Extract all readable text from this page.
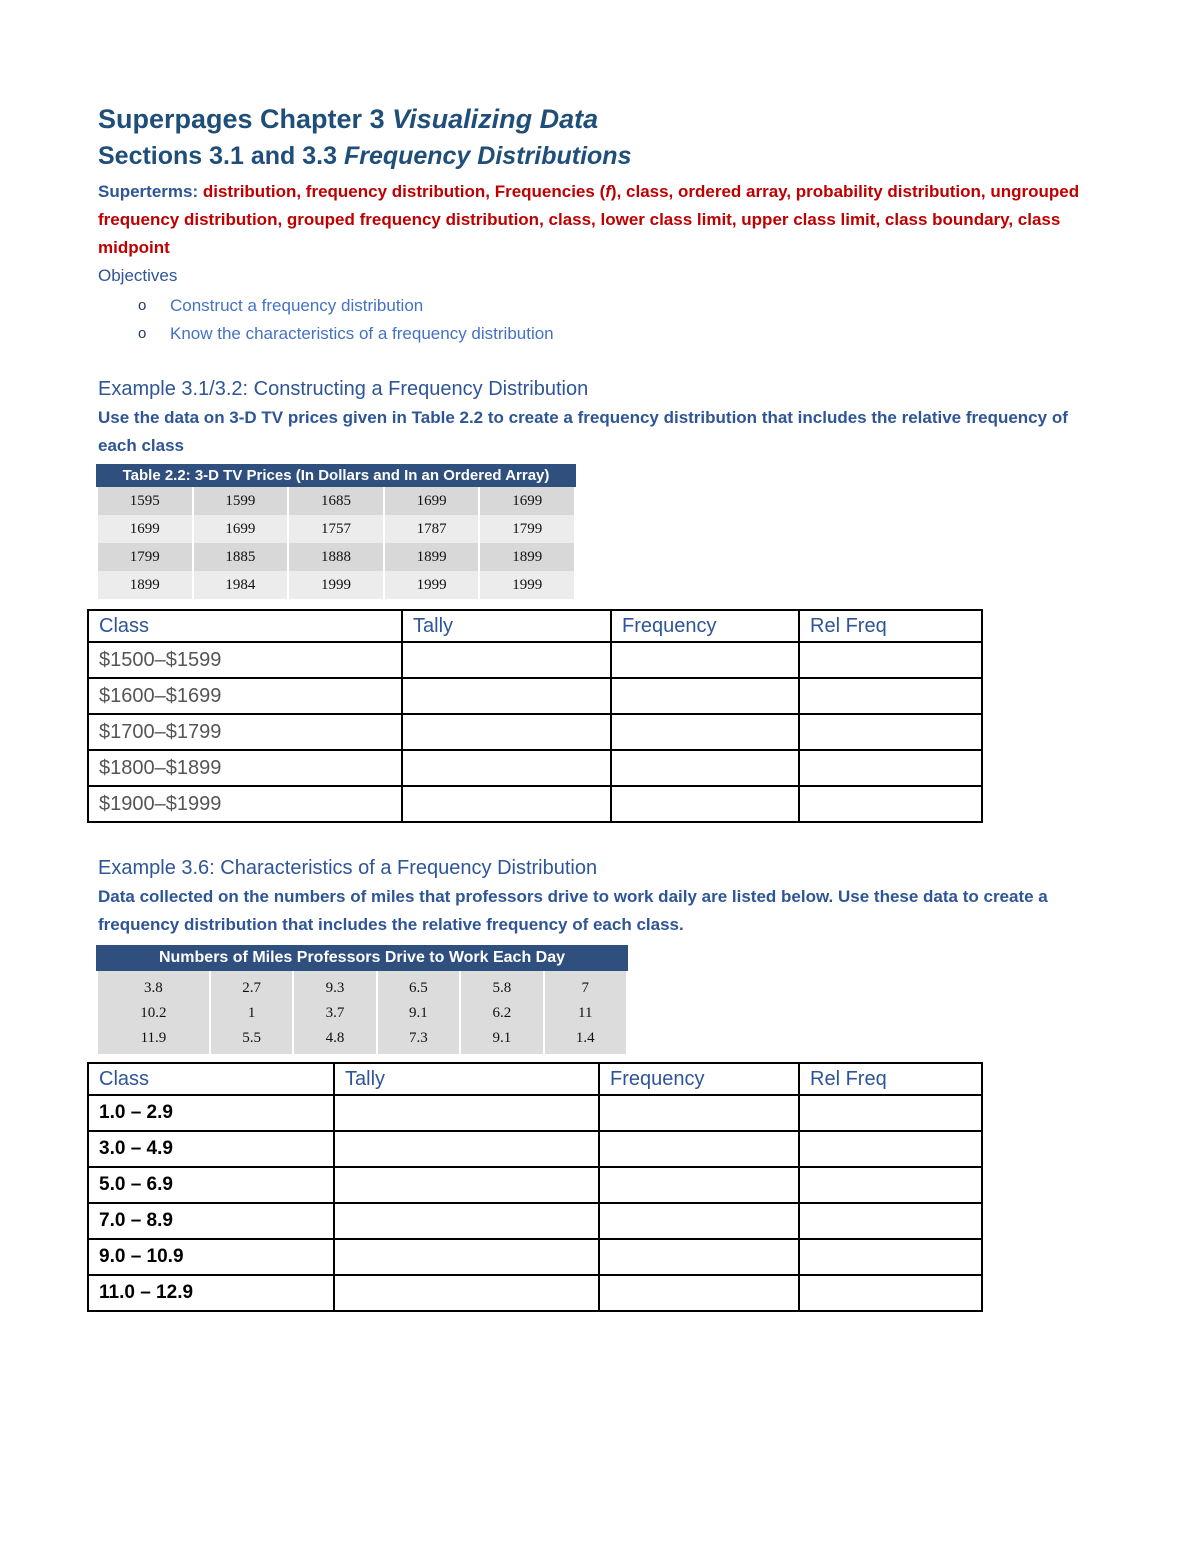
Superpages Chapter 3 Visualizing Data
Sections 3.1 and 3.3 Frequency Distributions
Superterms: distribution, frequency distribution, Frequencies (f), class, ordered array, probability distribution, ungrouped frequency distribution, grouped frequency distribution, class, lower class limit, upper class limit, class boundary, class midpoint
Objectives
o Construct a frequency distribution
o Know the characteristics of a frequency distribution
Example 3.1/3.2: Constructing a Frequency Distribution
Use the data on 3-D TV prices given in Table 2.2 to create a frequency distribution that includes the relative frequency of each class
Table 2.2: 3-D TV Prices (In Dollars and In an Ordered Array)
1595	1599	1685	1699	1699
1699	1699	1757	1787	1799
1799	1885	1888	1899	1899
1899	1984	1999	1999	1999
Class	Tally	Frequency	Rel Freq
$1500–$1599			
$1600–$1699			
$1700–$1799			
$1800–$1899			
$1900–$1999			
Example 3.6: Characteristics of a Frequency Distribution
Data collected on the numbers of miles that professors drive to work daily are listed below. Use these data to create a frequency distribution that includes the relative frequency of each class.
Numbers of Miles Professors Drive to Work Each Day
3.8	2.7	9.3	6.5	5.8	7
10.2	1	3.7	9.1	6.2	11
11.9	5.5	4.8	7.3	9.1	1.4
Class	Tally	Frequency	Rel Freq
1.0 – 2.9			
3.0 – 4.9			
5.0 – 6.9			
7.0 – 8.9			
9.0 – 10.9			
11.0 – 12.9			
